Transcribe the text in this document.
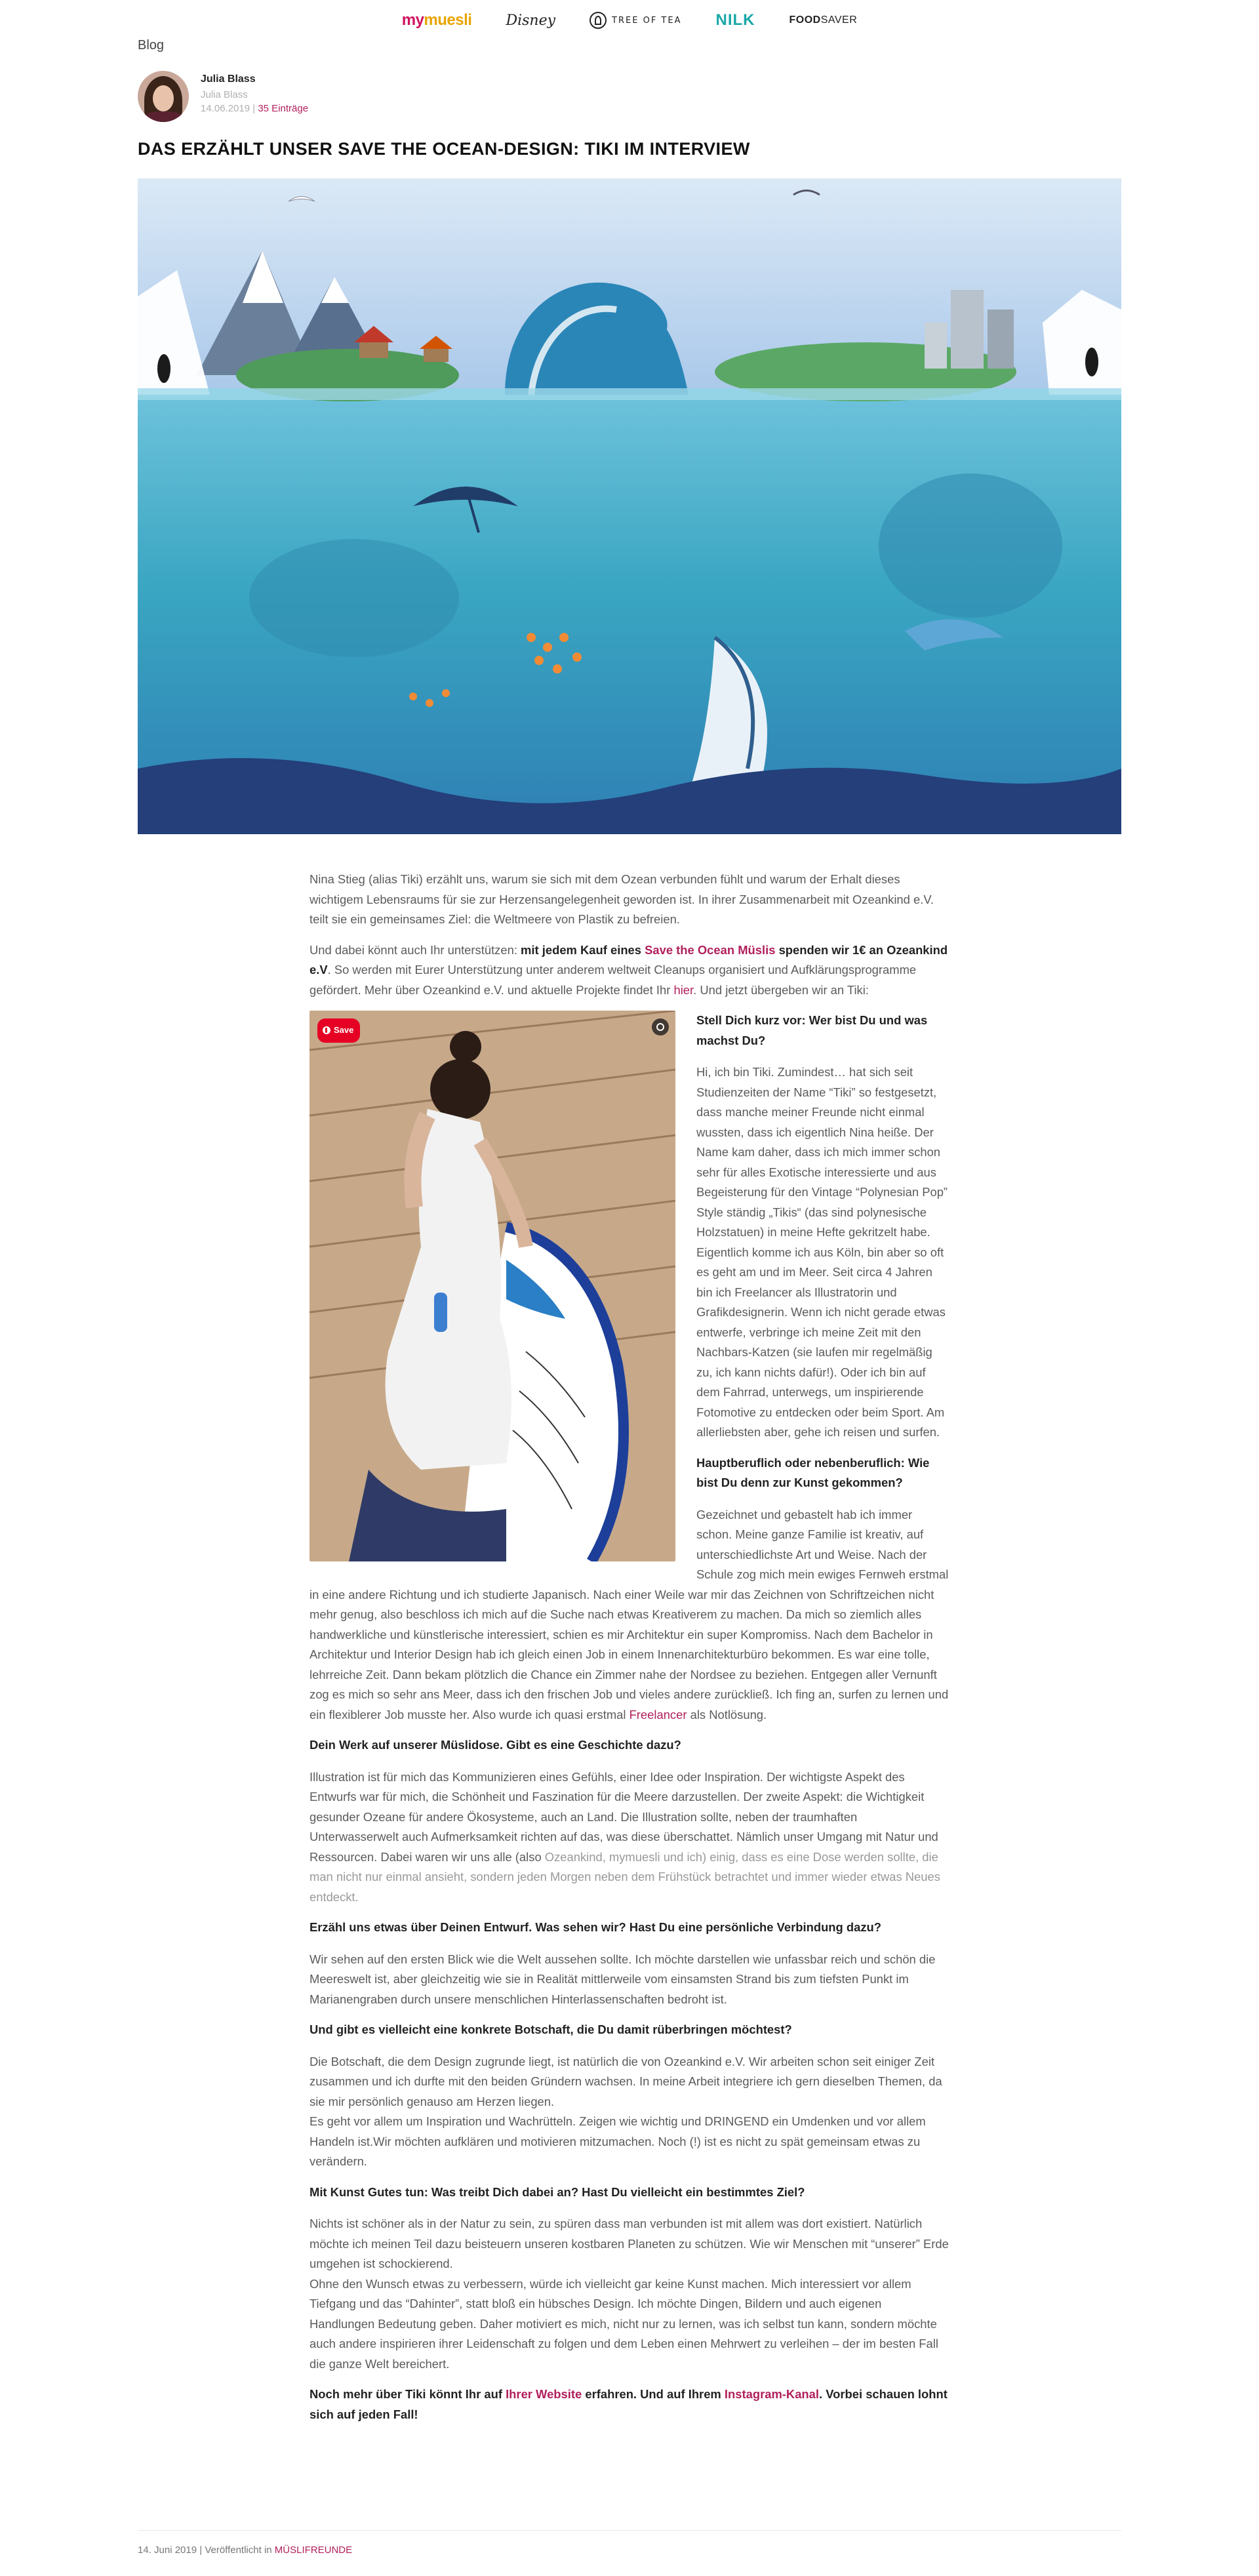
my muesli Disney	TREE OF TEA NILK	FOOD SAVER
Blog
Julia Blass
Julia Blass
14.06.2019 | 35 Einträge
DAS ERZÄHLT UNSER SAVE THE OCEAN-DESIGN: TIKI IM INTERVIEW

Nina Stieg (alias Tiki) erzählt uns, warum sie sich mit dem Ozean verbunden fühlt und warum der Erhalt dieses wichtigem Lebensraums für sie zur Herzensangelegenheit geworden ist. In ihrer Zusammenarbeit mit Ozeankind e.V. teilt sie ein gemeinsames Ziel: die Weltmeere von Plastik zu befreien.

Und dabei könnt auch Ihr unterstützen: mit jedem Kauf eines Save the Ocean Müslis spenden wir 1€ an Ozeankind e.V. So werden mit Eurer Unterstützung unter anderem weltweit Cleanups organisiert und Aufklärungsprogramme gefördert. Mehr über Ozeankind e.V. und aktuelle Projekte findet Ihr hier. Und jetzt übergeben wir an Tiki:

Save

Stell Dich kurz vor: Wer bist Du und was machst Du?

Hi, ich bin Tiki. Zumindest… hat sich seit Studienzeiten der Name “Tiki” so festgesetzt, dass manche meiner Freunde nicht einmal wussten, dass ich eigentlich Nina heiße. Der Name kam daher, dass ich mich immer schon sehr für alles Exotische interessierte und aus Begeisterung für den Vintage “Polynesian Pop” Style ständig „Tikis“ (das sind polynesische Holzstatuen) in meine Hefte gekritzelt habe. Eigentlich komme ich aus Köln, bin aber so oft es geht am und im Meer. Seit circa 4 Jahren bin ich Freelancer als Illustratorin und Grafikdesignerin. Wenn ich nicht gerade etwas entwerfe, verbringe ich meine Zeit mit den Nachbars-Katzen (sie laufen mir regelmäßig zu, ich kann nichts dafür!). Oder ich bin auf dem Fahrrad, unterwegs, um inspirierende Fotomotive zu entdecken oder beim Sport. Am allerliebsten aber, gehe ich reisen und surfen.

Hauptberuflich oder nebenberuflich: Wie bist Du denn zur Kunst gekommen?

Gezeichnet und gebastelt hab ich immer schon. Meine ganze Familie ist kreativ, auf unterschiedlichste Art und Weise. Nach der Schule zog mich mein ewiges Fernweh erstmal in eine andere Richtung und ich studierte Japanisch. Nach einer Weile war mir das Zeichnen von Schriftzeichen nicht mehr genug, also beschloss ich mich auf die Suche nach etwas Kreativerem zu machen. Da mich so ziemlich alles handwerkliche und künstlerische interessiert, schien es mir Architektur ein super Kompromiss. Nach dem Bachelor in Architektur und Interior Design hab ich gleich einen Job in einem Innenarchitekturbüro bekommen. Es war eine tolle, lehrreiche Zeit. Dann bekam plötzlich die Chance ein Zimmer nahe der Nordsee zu beziehen. Entgegen aller Vernunft zog es mich so sehr ans Meer, dass ich den frischen Job und vieles andere zurückließ. Ich fing an, surfen zu lernen und ein flexiblerer Job musste her. Also wurde ich quasi erstmal Freelancer als Notlösung.

Dein Werk auf unserer Müslidose. Gibt es eine Geschichte dazu?

Illustration ist für mich das Kommunizieren eines Gefühls, einer Idee oder Inspiration. Der wichtigste Aspekt des Entwurfs war für mich, die Schönheit und Faszination für die Meere darzustellen. Der zweite Aspekt: die Wichtigkeit gesunder Ozeane für andere Ökosysteme, auch an Land. Die Illustration sollte, neben der traumhaften Unterwasserwelt auch Aufmerksamkeit richten auf das, was diese überschattet. Nämlich unser Umgang mit Natur und Ressourcen. Dabei waren wir uns alle (also Ozeankind, mymuesli und ich) einig, dass es eine Dose werden sollte, die man nicht nur einmal ansieht, sondern jeden Morgen neben dem Frühstück betrachtet und immer wieder etwas Neues entdeckt.

Erzähl uns etwas über Deinen Entwurf. Was sehen wir? Hast Du eine persönliche Verbindung dazu?

Wir sehen auf den ersten Blick wie die Welt aussehen sollte. Ich möchte darstellen wie unfassbar reich und schön die Meereswelt ist, aber gleichzeitig wie sie in Realität mittlerweile vom einsamsten Strand bis zum tiefsten Punkt im Marianengraben durch unsere menschlichen Hinterlassenschaften bedroht ist.

Und gibt es vielleicht eine konkrete Botschaft, die Du damit rüberbringen möchtest?

Die Botschaft, die dem Design zugrunde liegt, ist natürlich die von Ozeankind e.V. Wir arbeiten schon seit einiger Zeit zusammen und ich durfte mit den beiden Gründern wachsen. In meine Arbeit integriere ich gern dieselben Themen, da sie mir persönlich genauso am Herzen liegen.
Es geht vor allem um Inspiration und Wachrütteln. Zeigen wie wichtig und DRINGEND ein Umdenken und vor allem Handeln ist.Wir möchten aufklären und motivieren mitzumachen. Noch (!) ist es nicht zu spät gemeinsam etwas zu verändern.

Mit Kunst Gutes tun: Was treibt Dich dabei an? Hast Du vielleicht ein bestimmtes Ziel?

Nichts ist schöner als in der Natur zu sein, zu spüren dass man verbunden ist mit allem was dort existiert. Natürlich möchte ich meinen Teil dazu beisteuern unseren kostbaren Planeten zu schützen. Wie wir Menschen mit “unserer” Erde umgehen ist schockierend.
Ohne den Wunsch etwas zu verbessern, würde ich vielleicht gar keine Kunst machen. Mich interessiert vor allem Tiefgang und das “Dahinter”, statt bloß ein hübsches Design. Ich möchte Dingen, Bildern und auch eigenen Handlungen Bedeutung geben. Daher motiviert es mich, nicht nur zu lernen, was ich selbst tun kann, sondern möchte auch andere inspirieren ihrer Leidenschaft zu folgen und dem Leben einen Mehrwert zu verleihen – der im besten Fall die ganze Welt bereichert.

Noch mehr über Tiki könnt Ihr auf Ihrer Website erfahren. Und auf Ihrem Instagram-Kanal. Vorbei schauen lohnt sich auf jeden Fall!

14. Juni 2019 | Veröffentlicht in MÜSLIFREUNDE
